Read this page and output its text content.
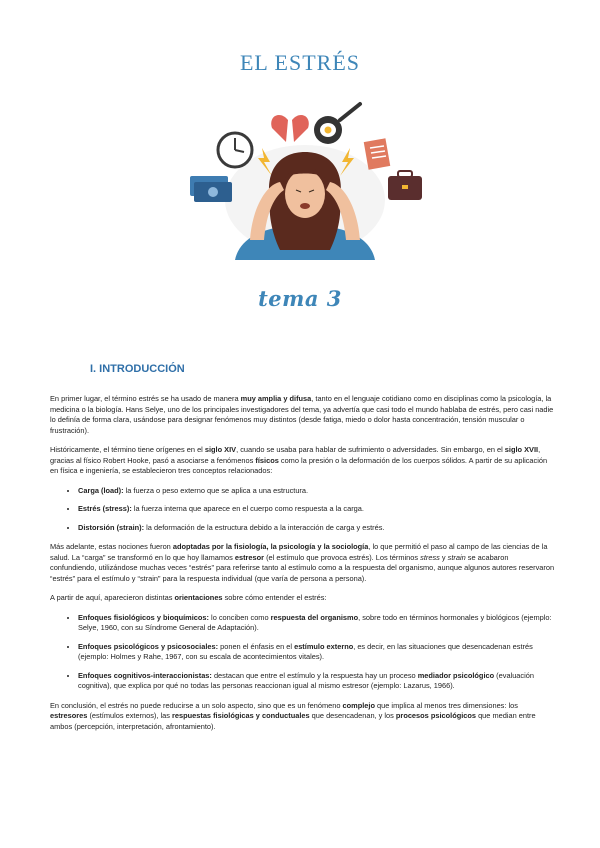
EL ESTRÉS
tema 3
I. INTRODUCCIÓN

En primer lugar, el término estrés se ha usado de manera muy amplia y difusa, tanto en el lenguaje cotidiano como en disciplinas como la psicología, la medicina o la biología. Hans Selye, uno de los principales investigadores del tema, ya advertía que casi todo el mundo hablaba de estrés, pero casi nadie lo definía de forma clara, usándose para designar fenómenos muy distintos (desde fatiga, miedo o dolor hasta concentración, tensión muscular o frustración).

Históricamente, el término tiene orígenes en el siglo XIV, cuando se usaba para hablar de sufrimiento o adversidades. Sin embargo, en el siglo XVII, gracias al físico Robert Hooke, pasó a asociarse a fenómenos físicos como la presión o la deformación de los cuerpos sólidos. A partir de su aplicación en física e ingeniería, se establecieron tres conceptos relacionados:

• Carga (load): la fuerza o peso externo que se aplica a una estructura.
• Estrés (stress): la fuerza interna que aparece en el cuerpo como respuesta a la carga.
• Distorsión (strain): la deformación de la estructura debido a la interacción de carga y estrés.

Más adelante, estas nociones fueron adoptadas por la fisiología, la psicología y la sociología, lo que permitió el paso al campo de las ciencias de la salud. La “carga” se transformó en lo que hoy llamamos estresor (el estímulo que provoca estrés). Los términos stress y strain se acabaron confundiendo, utilizándose muchas veces “estrés” para referirse tanto al estímulo como a la respuesta del organismo, aunque algunos autores reservaron “estrés” para el estímulo y “strain” para la respuesta individual (que varía de persona a persona).

A partir de aquí, aparecieron distintas orientaciones sobre cómo entender el estrés:

• Enfoques fisiológicos y bioquímicos: lo conciben como respuesta del organismo, sobre todo en términos hormonales y biológicos (ejemplo: Selye, 1960, con su Síndrome General de Adaptación).
• Enfoques psicológicos y psicosociales: ponen el énfasis en el estímulo externo, es decir, en las situaciones que desencadenan estrés (ejemplo: Holmes y Rahe, 1967, con su escala de acontecimientos vitales).
• Enfoques cognitivos-interaccionistas: destacan que entre el estímulo y la respuesta hay un proceso mediador psicológico (evaluación cognitiva), que explica por qué no todas las personas reaccionan igual al mismo estresor (ejemplo: Lazarus, 1966).

En conclusión, el estrés no puede reducirse a un solo aspecto, sino que es un fenómeno complejo que implica al menos tres dimensiones: los estresores (estímulos externos), las respuestas fisiológicas y conductuales que desencadenan, y los procesos psicológicos que median entre ambos (percepción, interpretación, afrontamiento).
